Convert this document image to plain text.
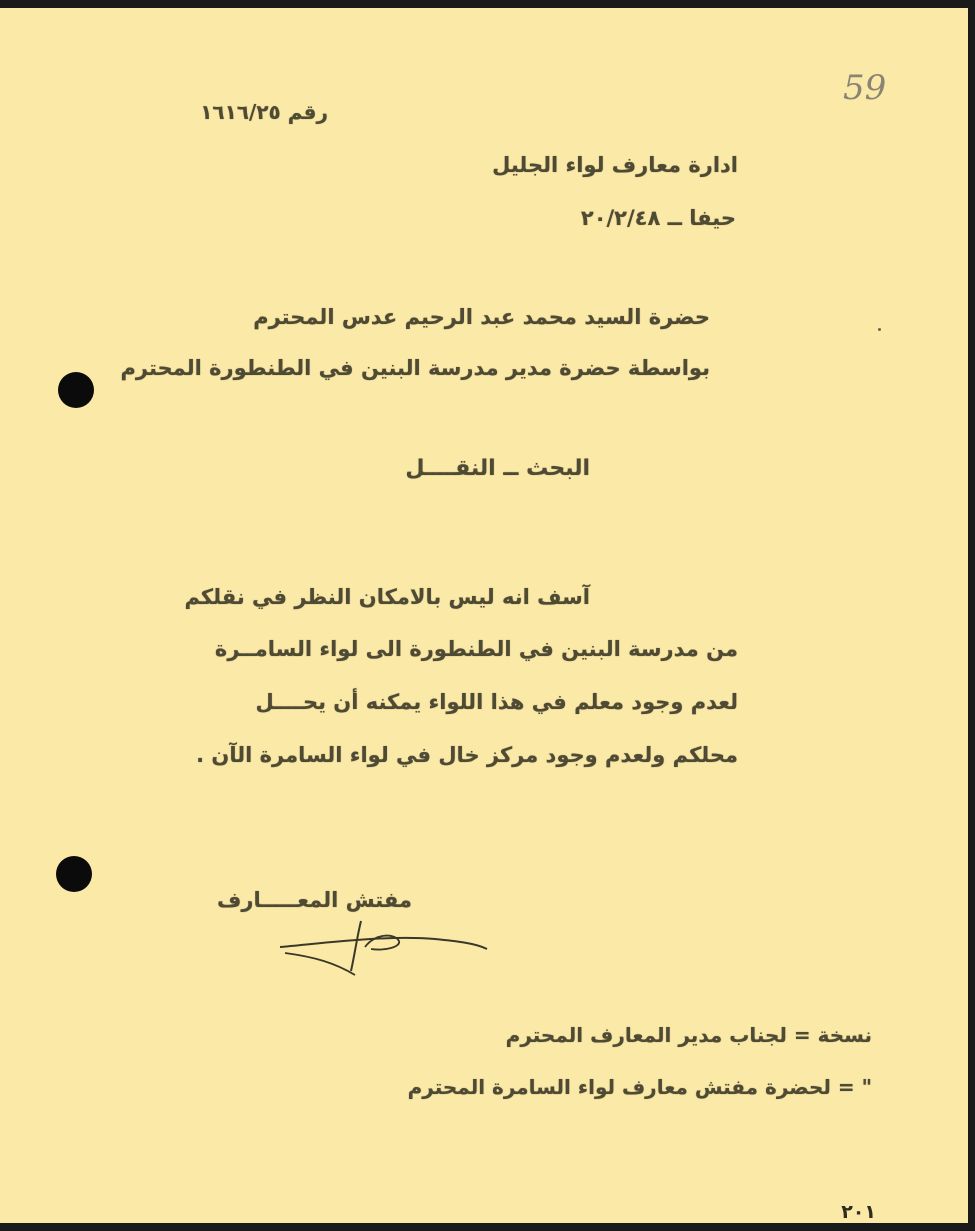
59
رقم ١٦١٦/٢٥
ادارة معارف لواء الجليل
حيفا ــ ٢٠/٢/٤٨
حضرة السيد محمد عبد الرحيم عدس المحترم
بواسطة حضرة مدير مدرسة البنين في الطنطورة المحترم
البحث ــ النقــــل
آسف انه ليس بالامكان النظر في نقلكم
من مدرسة البنين في الطنطورة الى لواء السامــرة
لعدم وجود معلم في هذا اللواء يمكنه أن يحــــل
محلكم ولعدم وجود مركز خال في لواء السامرة الآن .
مفتش المعـــــارف
نسخة = لجناب مدير المعارف المحترم
" = لحضرة مفتش معارف لواء السامرة المحترم
٢٠١
